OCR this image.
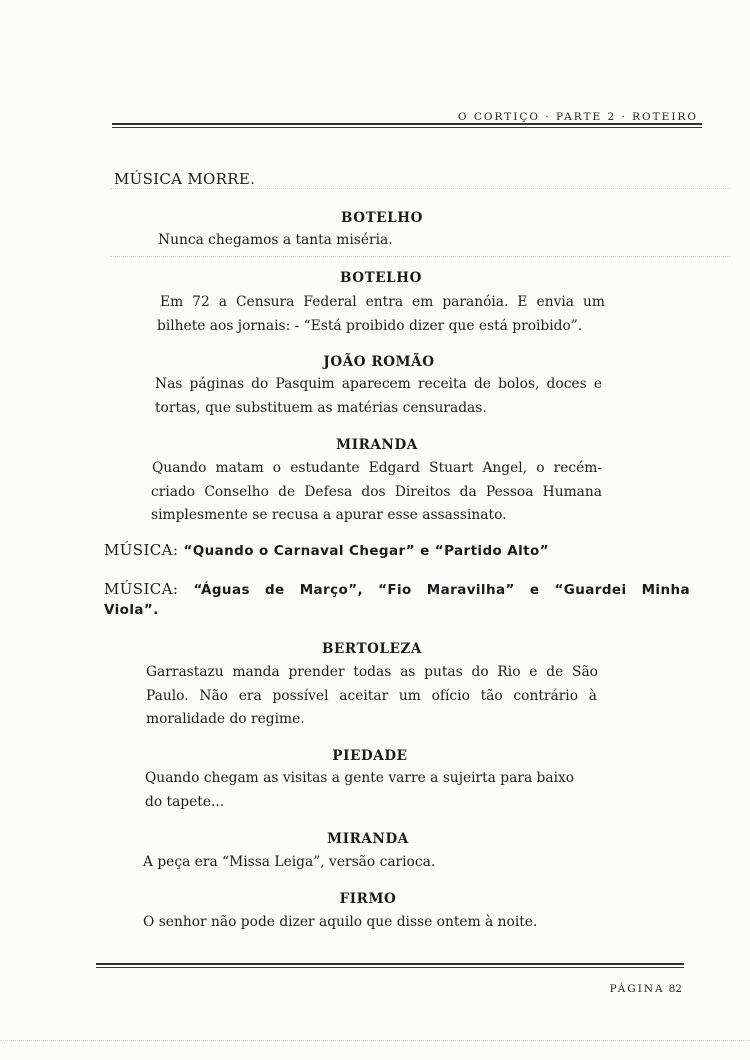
O CORTIÇO · PARTE 2 · ROTEIRO
MÚSICA MORRE.
BOTELHO
Nunca chegamos a tanta miséria.
BOTELHO
Em 72 a Censura Federal entra em paranóia. E envia um
bilhete aos jornais: - “Está proibido dizer que está proibido”.
JOÃO ROMÃO
Nas páginas do Pasquim aparecem receita de bolos, doces e
tortas, que substituem as matérias censuradas.
MIRANDA
Quando matam o estudante Edgard Stuart Angel, o recém-
criado Conselho de Defesa dos Direitos da Pessoa Humana
simplesmente se recusa a apurar esse assassinato.
MÚSICA: “Quando o Carnaval Chegar” e “Partido Alto”
MÚSICA: “Águas de Março”, “Fio Maravilha” e “Guardei Minha
Viola”.
BERTOLEZA
Garrastazu manda prender todas as putas do Rio e de São
Paulo. Não era possível aceitar um ofício tão contrário à
moralidade do regime.
PIEDADE
Quando chegam as visitas a gente varre a sujeirta para baixo
do tapete...
MIRANDA
A peça era “Missa Leiga”, versão carioca.
FIRMO
O senhor não pode dizer aquilo que disse ontem à noite.
PÁGINA 82
